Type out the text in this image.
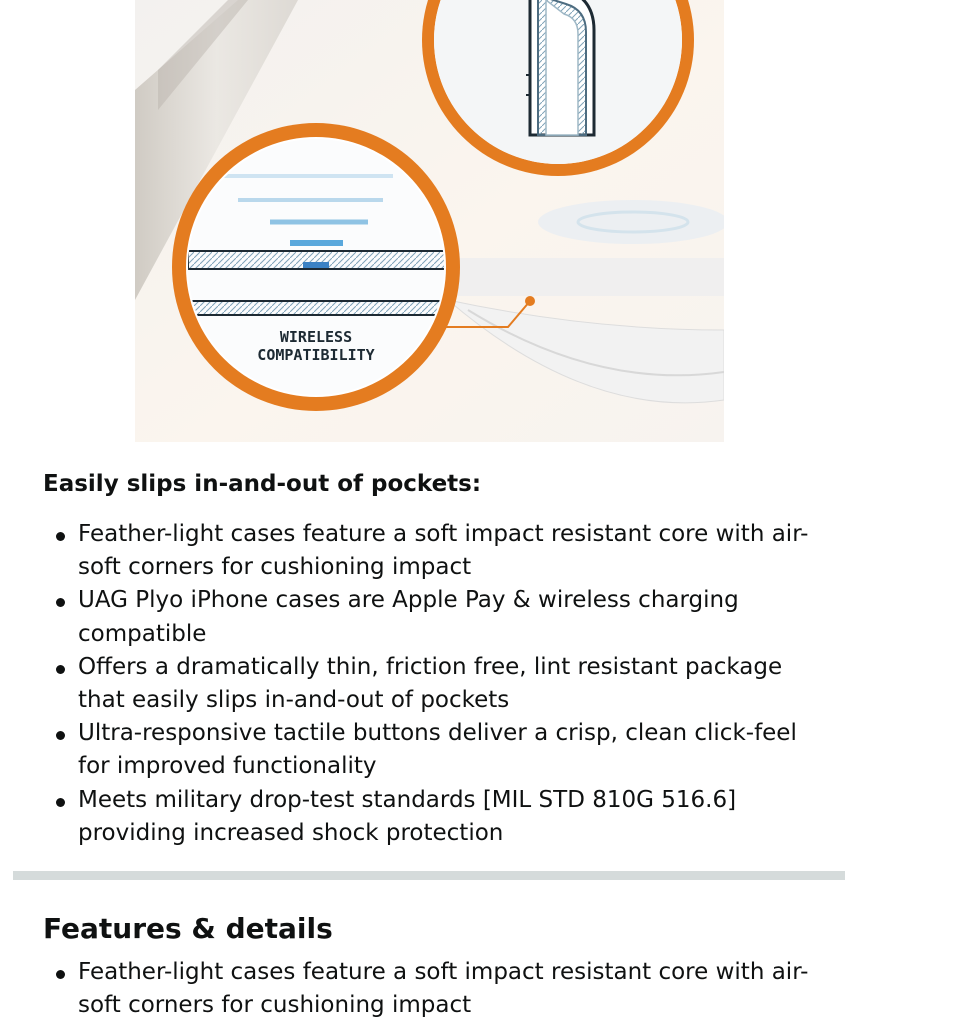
WIRELESS
COMPATIBILITY
Easily slips in-and-out of pockets:
Feather-light cases feature a soft impact resistant core with air-soft corners for cushioning impact
UAG Plyo iPhone cases are Apple Pay & wireless charging compatible
Offers a dramatically thin, friction free, lint resistant package that easily slips in-and-out of pockets
Ultra-responsive tactile buttons deliver a crisp, clean click-feel for improved functionality
Meets military drop-test standards [MIL STD 810G 516.6] providing increased shock protection
Features & details
Feather-light cases feature a soft impact resistant core with air-soft corners for cushioning impact
